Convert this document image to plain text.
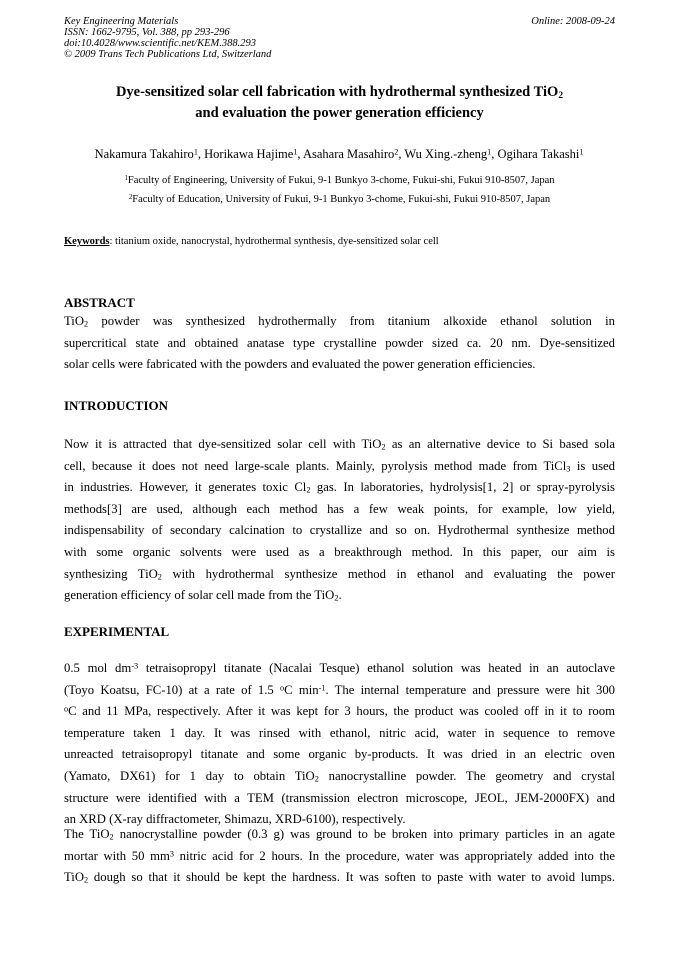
Key Engineering Materials
ISSN: 1662-9795, Vol. 388, pp 293-296
doi:10.4028/www.scientific.net/KEM.388.293
© 2009 Trans Tech Publications Ltd, Switzerland
Online: 2008-09-24
Dye-sensitized solar cell fabrication with hydrothermal synthesized TiO$_2$
and evaluation the power generation efficiency
Nakamura Takahiro$^1$, Horikawa Hajime$^1$, Asahara Masahiro$^2$, Wu Xing.-zheng$^1$, Ogihara Takashi$^1$
$^1$Faculty of Engineering, University of Fukui, 9-1 Bunkyo 3-chome, Fukui-shi, Fukui 910-8507, Japan
$^2$Faculty of Education, University of Fukui, 9-1 Bunkyo 3-chome, Fukui-shi, Fukui 910-8507, Japan
Keywords: titanium oxide, nanocrystal, hydrothermal synthesis, dye-sensitized solar cell
ABSTRACT
TiO$_2$ powder was synthesized hydrothermally from titanium alkoxide ethanol solution in
supercritical state and obtained anatase type crystalline powder sized ca. 20 nm. Dye-sensitized
solar cells were fabricated with the powders and evaluated the power generation efficiencies.
INTRODUCTION
Now it is attracted that dye-sensitized solar cell with TiO$_2$ as an alternative device to Si based sola
cell, because it does not need large-scale plants. Mainly, pyrolysis method made from TiCl$_3$ is used
in industries. However, it generates toxic $Cl_2$ gas. In laboratories, hydrolysis[1, 2] or spray-pyrolysis
methods[3] are used, although each method has a few weak points, for example, low yield,
indispensability of secondary calcination to crystallize and so on. Hydrothermal synthesize method
with some organic solvents were used as a breakthrough method. In this paper, our aim is
synthesizing TiO$_2$ with hydrothermal synthesize method in ethanol and evaluating the power
generation efficiency of solar cell made from the TiO$_2$.
EXPERIMENTAL
0.5 mol $dm^{-3}$ tetraisopropyl titanate (Nacalai Tesque) ethanol solution was heated in an autoclave
(Toyo Koatsu, FC-10) at a rate of 1.5 $^o$C $\min^{-1}$. The internal temperature and pressure were hit 300
$^o$C and 11 MPa, respectively. After it was kept for 3 hours, the product was cooled off in it to room
temperature taken 1 day. It was rinsed with ethanol, nitric acid, water in sequence to remove
unreacted tetraisopropyl titanate and some organic by-products. It was dried in an electric oven
(Yamato, DX61) for 1 day to obtain TiO$_2$ nanocrystalline powder. The geometry and crystal
structure were identified with a TEM (transmission electron microscope, JEOL, JEM-2000FX) and
an XRD (X-ray diffractometer, Shimazu, XRD-6100), respectively.
The TiO$_2$ nanocrystalline powder (0.3 g) was ground to be broken into primary particles in an agate
mortar with 50 $mm^3$ nitric acid for 2 hours. In the procedure, water was appropriately added into the
TiO$_2$ dough so that it should be kept the hardness. It was soften to paste with water to avoid lumps.
